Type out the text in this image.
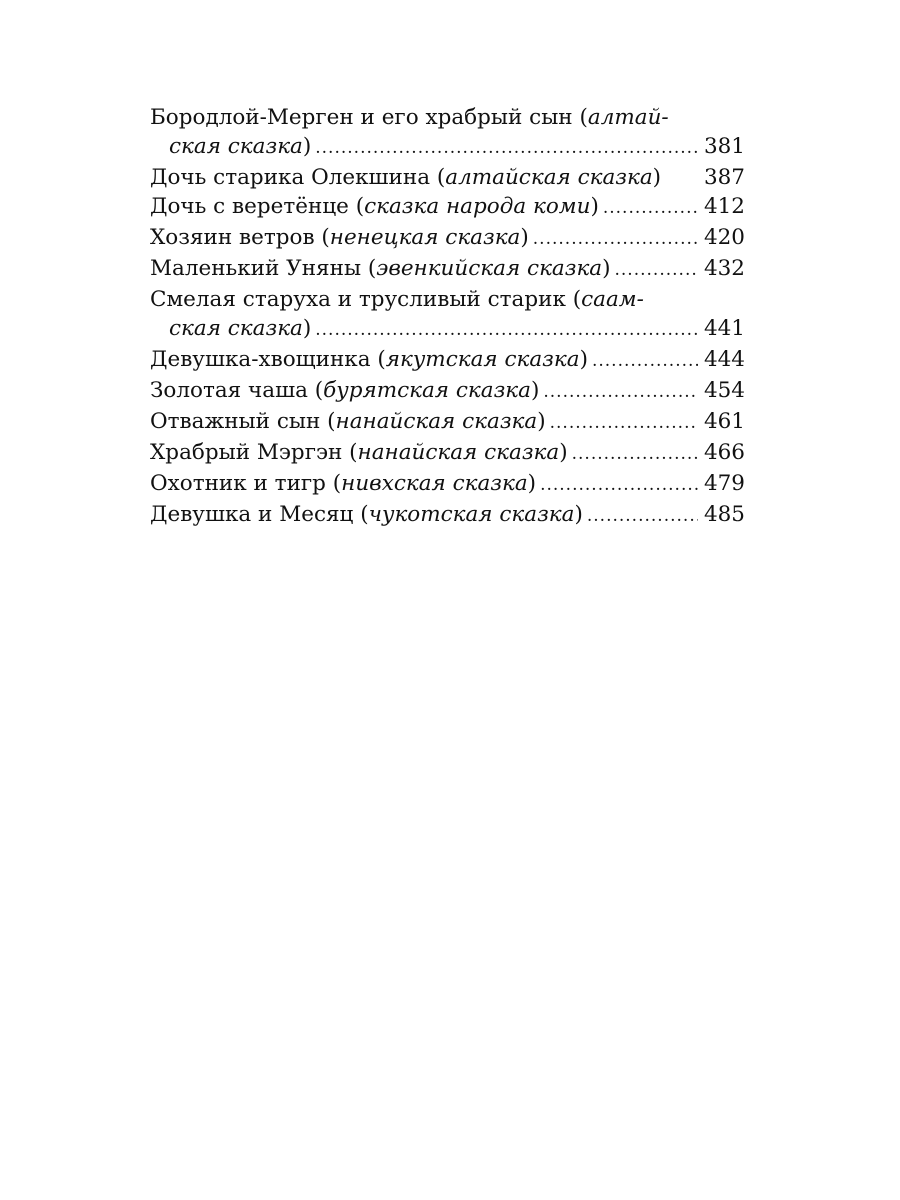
Бородлой-Мерген и его храбрый сын (алтай-
ская сказка) .....	381
Дочь старика Олекшина (алтайская сказка) 387
Дочь с веретёнце (сказка народа коми) .....	412
Хозяин ветров (ненецкая сказка) .....	420
Маленький Уняны (эвенкийская сказка) .....	432
Смелая старуха и трусливый старик (саам-
ская сказка) .....	441
Девушка-хвощинка (якутская сказка) .....	444
Золотая чаша (бурятская сказка) .....	454
Отважный сын (нанайская сказка) .....	461
Храбрый Мэргэн (нанайская сказка) .....	466
Охотник и тигр (нивхская сказка) .....	479
Девушка и Месяц (чукотская сказка) .....	485
